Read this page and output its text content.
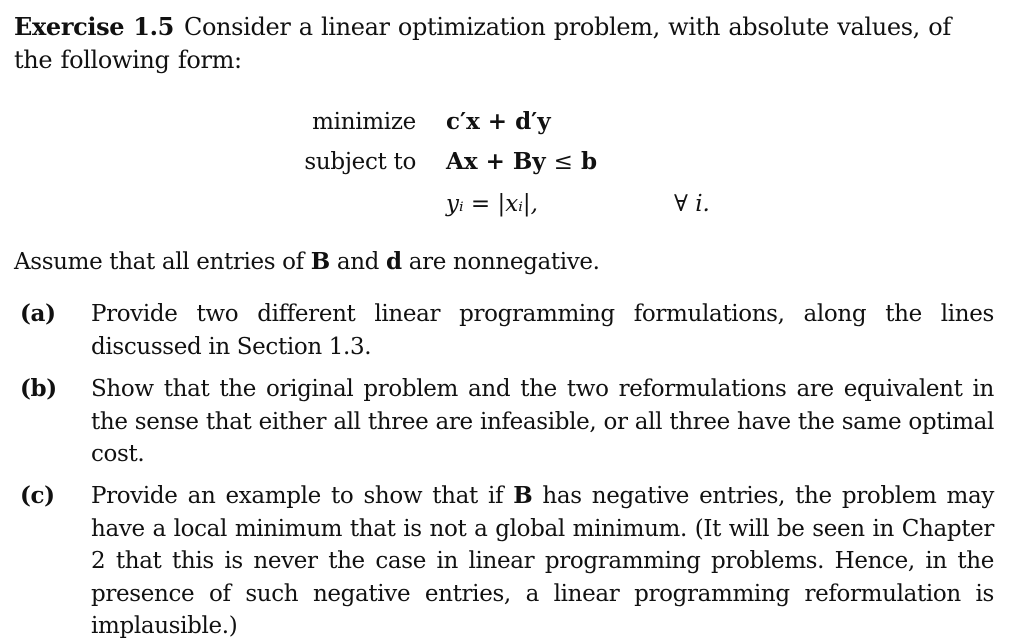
Exercise 1.5 Consider a linear optimization problem, with absolute values, of the following form:

minimize c′x + d′y
subject to Ax + By ≤ b
yᵢ = |xᵢ|,	∀ i.

Assume that all entries of B and d are nonnegative.

(a) Provide two different linear programming formulations, along the lines discussed in Section 1.3.
(b) Show that the original problem and the two reformulations are equivalent in the sense that either all three are infeasible, or all three have the same optimal cost.
(c) Provide an example to show that if B has negative entries, the problem may have a local minimum that is not a global minimum. (It will be seen in Chapter 2 that this is never the case in linear programming problems. Hence, in the presence of such negative entries, a linear programming reformulation is implausible.)
